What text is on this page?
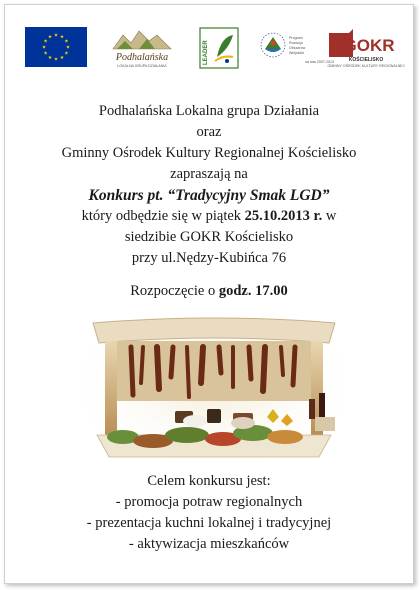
Podhalańska
LOKALNA GRUPA DZIAŁANIA
LEADER
Program
Rozwoju
Obszarów
Wiejskich
na lata 2007-2013
GOKR
KOŚCIELISKO
GMINNY OŚRODEK KULTURY REGIONALNEJ
Podhalańska Lokalna grupa Działania
oraz
Gminny Ośrodek Kultury Regionalnej Kościelisko
zapraszają na
Konkurs pt. “Tradycyjny Smak LGD”
który odbędzie się w piątek 25.10.2013 r. w
siedzibie GOKR Kościelisko
przy ul.Nędzy-Kubińca 76
Rozpoczęcie o godz. 17.00
Celem konkursu jest:
- promocja potraw regionalnych
- prezentacja kuchni lokalnej i tradycyjnej
- aktywizacja mieszkańców
